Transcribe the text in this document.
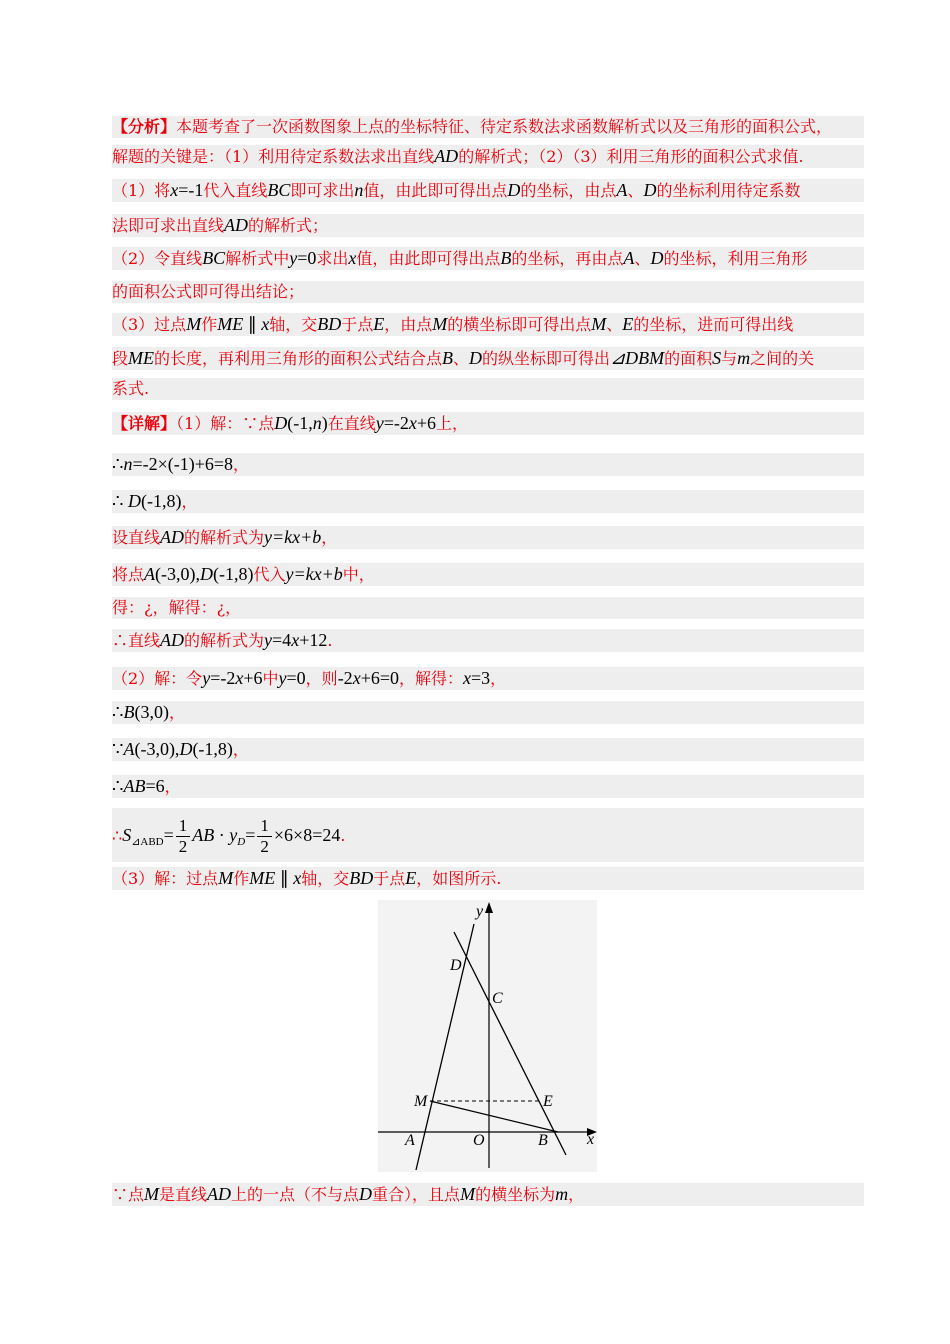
【分析】本题考查了一次函数图象上点的坐标特征、待定系数法求函数解析式以及三角形的面积公式，
解题的关键是：（1）利用待定系数法求出直线AD的解析式；（2）（3）利用三角形的面积公式求值.
（1）将x=-1代入直线BC即可求出n值，由此即可得出点D的坐标，由点A、D的坐标利用待定系数
法即可求出直线AD的解析式；
（2）令直线BC解析式中y=0求出x值，由此即可得出点B的坐标，再由点A、D的坐标，利用三角形
的面积公式即可得出结论；
（3）过点M作ME ∥ x轴，交BD于点E，由点M的横坐标即可得出点M、E的坐标，进而可得出线
段ME的长度，再利用三角形的面积公式结合点B、D的纵坐标即可得出⊿DBM的面积S与m之间的关
系式.
【详解】（1）解：∵点D(-1,n)在直线y=-2x+6上，
∴n=-2×(-1)+6=8，
∴ D(-1,8)，
设直线AD的解析式为y=kx+b，
将点A(-3,0),D(-1,8)代入y=kx+b中，
得：¿，解得：¿，
∴直线AD的解析式为y=4x+12.
（2）解：令y=-2x+6中y=0，则-2x+6=0，解得：x=3，
∴B(3,0)，
∵A(-3,0),D(-1,8)，
∴AB=6，
$\therefore S_{⊿ABD}= \frac{1}{2}$ AB · $y_D= \frac{1}{2} \times 6\times 8=24$.
（3）解：过点M作ME ∥ x轴，交BD于点E，如图所示.
y
x
D
C
M	E
A	O	B
∵点M是直线AD上的一点（不与点D重合），且点M的横坐标为m，
